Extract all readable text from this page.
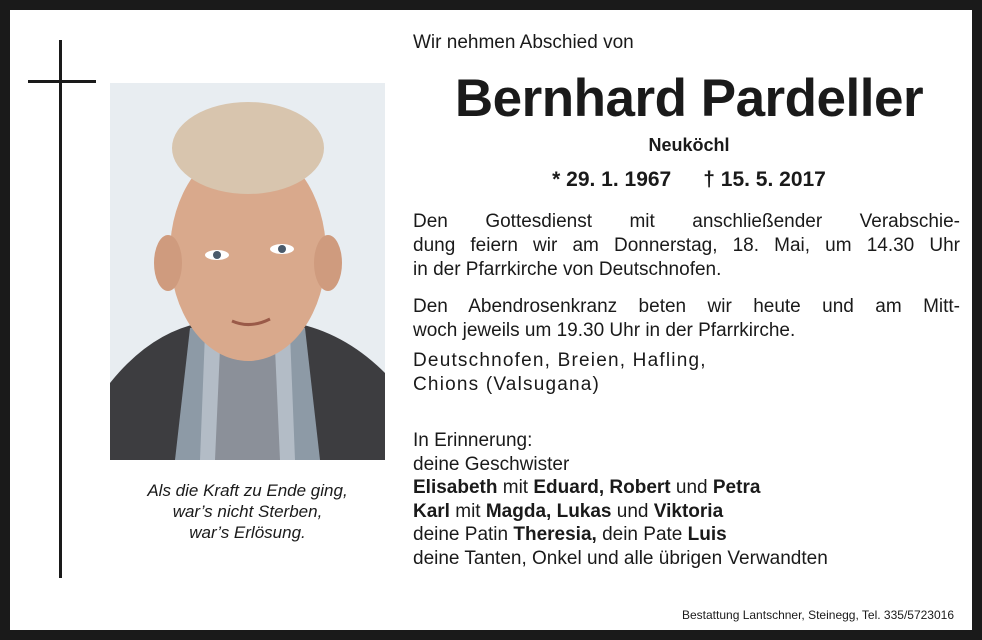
Als die Kraft zu Ende ging,
war’s nicht Sterben,
war’s Erlösung.
Wir nehmen Abschied von
Bernhard Pardeller
Neuköchl
* 29. 1. 1967 † 15. 5. 2017
Den Gottesdienst mit anschließender Verabschie-
dung feiern wir am Donnerstag, 18. Mai, um 14.30 Uhr
in der Pfarrkirche von Deutschnofen.
Den Abendrosenkranz beten wir heute und am Mitt-
woch jeweils um 19.30 Uhr in der Pfarrkirche.
Deutschnofen, Breien, Hafling,
Chions (Valsugana)
In Erinnerung:
deine Geschwister
Elisabeth mit Eduard, Robert und Petra
Karl mit Magda, Lukas und Viktoria
deine Patin Theresia, dein Pate Luis
deine Tanten, Onkel und alle übrigen Verwandten
Bestattung Lantschner, Steinegg, Tel. 335/5723016
